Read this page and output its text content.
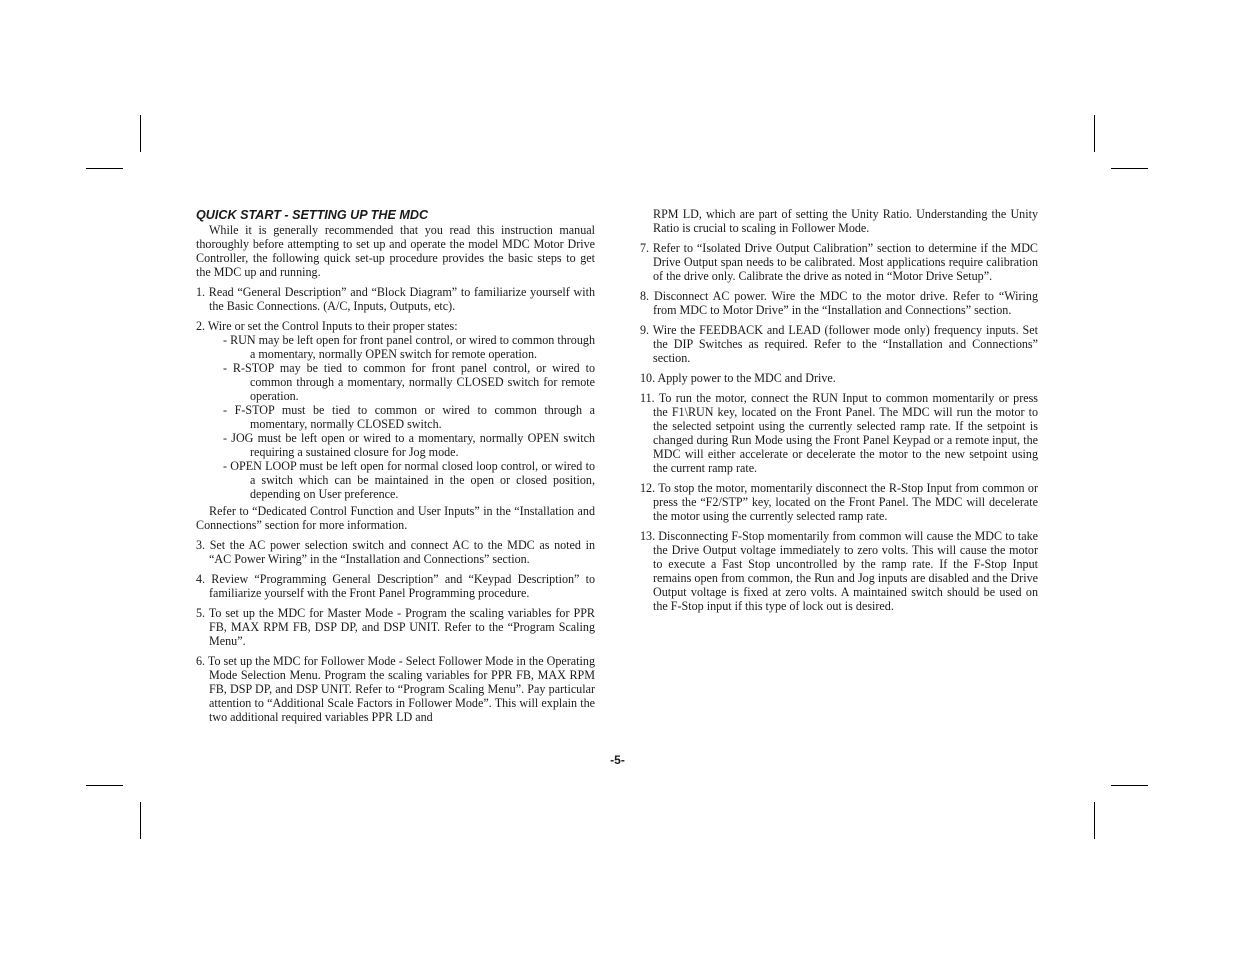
QUICK START - SETTING UP THE MDC

While it is generally recommended that you read this instruction manual thoroughly before attempting to set up and operate the model MDC Motor Drive Controller, the following quick set-up procedure provides the basic steps to get the MDC up and running.

1. Read “General Description” and “Block Diagram” to familiarize yourself with the Basic Connections. (A/C, Inputs, Outputs, etc).

2. Wire or set the Control Inputs to their proper states:

- RUN may be left open for front panel control, or wired to common through a momentary, normally OPEN switch for remote operation.

- R-STOP may be tied to common for front panel control, or wired to common through a momentary, normally CLOSED switch for remote operation.

- F-STOP must be tied to common or wired to common through a momentary, normally CLOSED switch.

- JOG must be left open or wired to a momentary, normally OPEN switch requiring a sustained closure for Jog mode.

- OPEN LOOP must be left open for normal closed loop control, or wired to a switch which can be maintained in the open or closed position, depending on User preference.

Refer to “Dedicated Control Function and User Inputs” in the “Installation and Connections” section for more information.

3. Set the AC power selection switch and connect AC to the MDC as noted in “AC Power Wiring” in the “Installation and Connections” section.

4. Review “Programming General Description” and “Keypad Description” to familiarize yourself with the Front Panel Programming procedure.

5. To set up the MDC for Master Mode - Program the scaling variables for PPR FB, MAX RPM FB, DSP DP, and DSP UNIT. Refer to the “Program Scaling Menu”.

6. To set up the MDC for Follower Mode - Select Follower Mode in the Operating Mode Selection Menu. Program the scaling variables for PPR FB, MAX RPM FB, DSP DP, and DSP UNIT. Refer to “Program Scaling Menu”. Pay particular attention to “Additional Scale Factors in Follower Mode”. This will explain the two additional required variables PPR LD and

RPM LD, which are part of setting the Unity Ratio. Understanding the Unity Ratio is crucial to scaling in Follower Mode.

7. Refer to “Isolated Drive Output Calibration” section to determine if the MDC Drive Output span needs to be calibrated. Most applications require calibration of the drive only. Calibrate the drive as noted in “Motor Drive Setup”.

8. Disconnect AC power. Wire the MDC to the motor drive. Refer to “Wiring from MDC to Motor Drive” in the “Installation and Connections” section.

9. Wire the FEEDBACK and LEAD (follower mode only) frequency inputs. Set the DIP Switches as required. Refer to the “Installation and Connections” section.

10. Apply power to the MDC and Drive.

11. To run the motor, connect the RUN Input to common momentarily or press the F1\RUN key, located on the Front Panel. The MDC will run the motor to the selected setpoint using the currently selected ramp rate. If the setpoint is changed during Run Mode using the Front Panel Keypad or a remote input, the MDC will either accelerate or decelerate the motor to the new setpoint using the current ramp rate.

12. To stop the motor, momentarily disconnect the R-Stop Input from common or press the “F2/STP” key, located on the Front Panel. The MDC will decelerate the motor using the currently selected ramp rate.

13. Disconnecting F-Stop momentarily from common will cause the MDC to take the Drive Output voltage immediately to zero volts. This will cause the motor to execute a Fast Stop uncontrolled by the ramp rate. If the F-Stop Input remains open from common, the Run and Jog inputs are disabled and the Drive Output voltage is fixed at zero volts. A maintained switch should be used on the F-Stop input if this type of lock out is desired.

-5-
